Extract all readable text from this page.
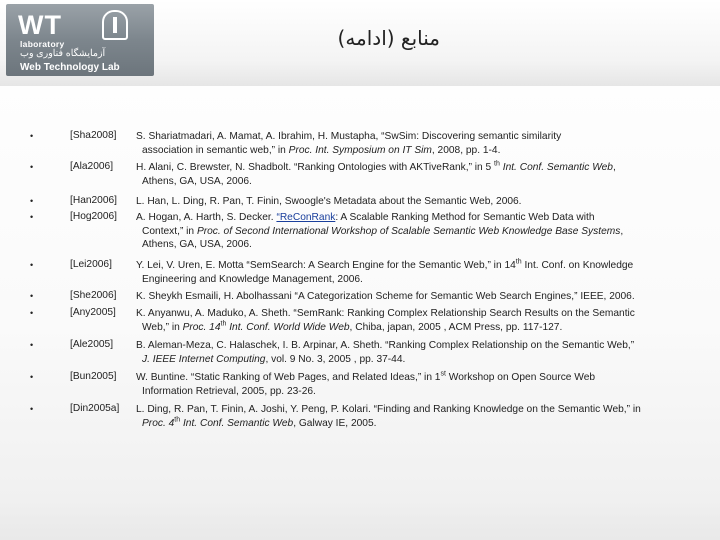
WT
laboratory
آزمایشگاه فناوری وب
Web Technology Lab
منابع (ادامه)
•	[Sha2008] S. Shariatmadari, A. Mamat, A. Ibrahim, H. Mustapha, “SwSim: Discovering semantic similarity
association in semantic web,” in Proc. Int. Symposium on IT Sim, 2008, pp. 1-4.
•	[Ala2006] H. Alani, C. Brewster, N. Shadbolt. “Ranking Ontologies with AKTiveRank,” in 5 $^{th}$ Int. Conf. Semantic Web,
Athens, GA, USA, 2006.
•	[Han2006] L. Han, L. Ding, R. Pan, T. Finin, Swoogle's Metadata about the Semantic Web, 2006.
•	[Hog2006] A. Hogan, A. Harth, S. Decker. “ReConRank: A Scalable Ranking Method for Semantic Web Data with
Context,” in Proc. of Second International Workshop of Scalable Semantic Web Knowledge Base Systems,
Athens, GA, USA, 2006.
•	[Lei2006] Y. Lei, V. Uren, E. Motta “SemSearch: A Search Engine for the Semantic Web,” in 14th Int. Conf. on Knowledge
Engineering and Knowledge Management, 2006.
•	[She2006] K. Sheykh Esmaili, H. Abolhassani “A Categorization Scheme for Semantic Web Search Engines,” IEEE, 2006.
•	[Any2005] K. Anyanwu, A. Maduko, A. Sheth. “SemRank: Ranking Complex Relationship Search Results on the Semantic
Web,” in Proc. 14th Int. Conf. World Wide Web, Chiba, japan, 2005 , ACM Press, pp. 117-127.
•	[Ale2005] B. Aleman-Meza, C. Halaschek, I. B. Arpinar, A. Sheth. “Ranking Complex Relationship on the Semantic Web,”
J. IEEE Internet Computing, vol. 9 No. 3, 2005 , pp. 37-44.
•	[Bun2005] W. Buntine. “Static Ranking of Web Pages, and Related Ideas,” in 1st Workshop on Open Source Web
Information Retrieval, 2005, pp. 23-26.
•	[Din2005a] L. Ding, R. Pan, T. Finin, A. Joshi, Y. Peng, P. Kolari. “Finding and Ranking Knowledge on the Semantic Web,” in
Proc. 4th Int. Conf. Semantic Web, Galway IE, 2005.
